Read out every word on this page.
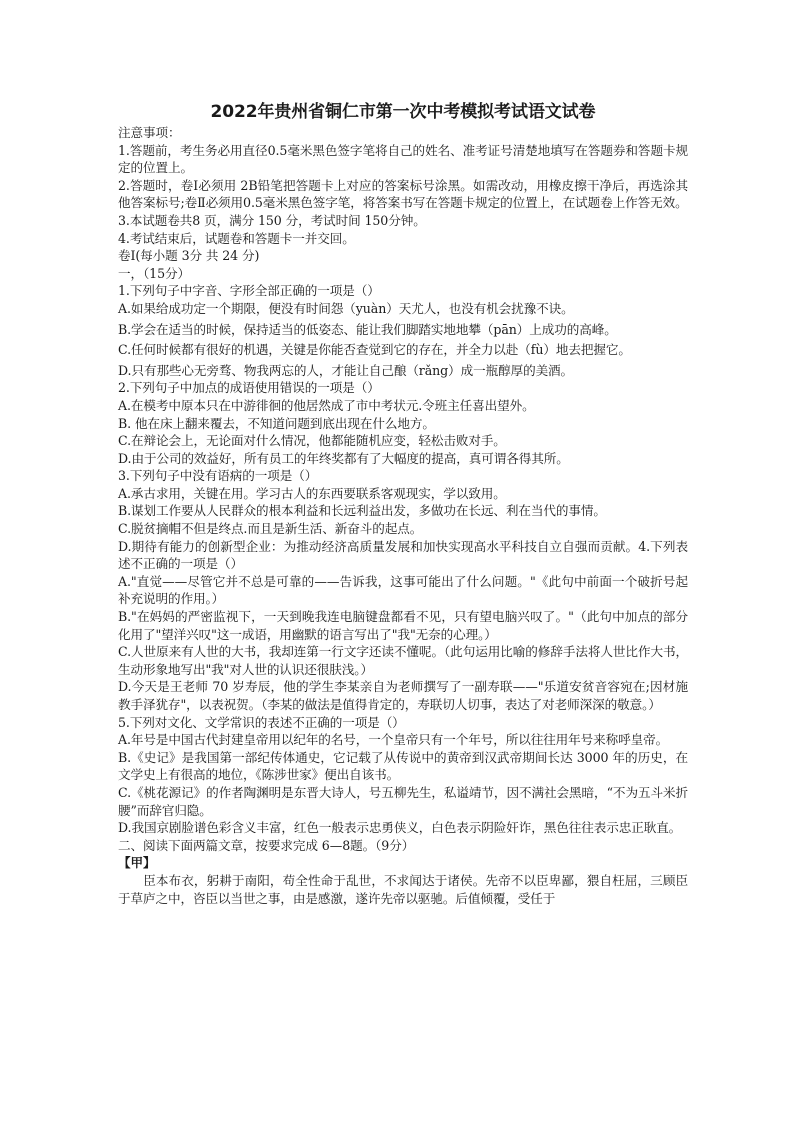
2022年贵州省铜仁市第一次中考模拟考试语文试卷

注意事项：

1.答题前，考生务必用直径0.5毫米黑色签字笔将自己的姓名、准考证号清楚地填写在答题券和答题卡规定的位置上。

2.答题时，卷Ⅰ必须用 2B铅笔把答题卡上对应的答案标号涂黑。如需改动，用橡皮擦干净后，再选涂其他答案标号;卷Ⅱ必须用0.5毫米黑色签字笔，将答案书写在答题卡规定的位置上，在试题卷上作答无效。

3.本试题卷共8 页，满分 150 分，考试时间 150分钟。

4.考试结束后，试题卷和答题卡一并交回。

卷Ⅰ(每小题 3分 共 24 分)

一，（15分）

1.下列句子中字音、字形全部正确的一项是（）

A.如果给成功定一个期限，便没有时间怨（yuàn）天尤人，也没有机会扰豫不诀。

B.学会在适当的时候，保持适当的低姿态、能让我们脚踏实地地攀（pān）上成功的高峰。

C.任何时候都有很好的机遇，关键是你能否查觉到它的存在，并全力以赴（fù）地去把握它。

D.只有那些心无旁骛、物我两忘的人，才能让自己酿（rǎng）成一瓶醇厚的美酒。

2.下列句子中加点的成语使用错误的一项是（）

A.在模考中原本只在中游徘徊的他居然成了市中考状元.令班主任喜出望外。

B. 他在床上翻来覆去，不知道问题到底出现在什么地方。

C.在辩论会上，无论面对什么情况，他都能随机应变，轻松击败对手。

D.由于公司的效益好，所有员工的年终奖都有了大幅度的提高，真可谓各得其所。

3.下列句子中没有语病的一项是（）

A.承古求用，关键在用。学习古人的东西要联系客观现实，学以致用。

B.谋划工作要从人民群众的根本利益和长远利益出发，多做功在长远、利在当代的事情。

C.脱贫摘帽不但是终点.而且是新生活、新奋斗的起点。

D.期待有能力的创新型企业：为推动经济高质量发展和加快实现高水平科技自立自强而贡献。4.下列表述不正确的一项是（）

A."直觉——尽管它并不总是可靠的——告诉我，这事可能出了什么问题。"《此句中前面一个破折号起补充说明的作用。）

B."在妈妈的严密监视下，一天到晚我连电脑键盘都看不见，只有望电脑兴叹了。"（此句中加点的部分化用了"望洋兴叹"这一成语，用幽默的语言写出了"我"无奈的心理。）

C.人世原来有人世的大书，我却连第一行文字还读不懂呢。（此句运用比喻的修辞手法将人世比作大书，生动形象地写出"我"对人世的认识还很肤浅。）

D.今天是王老师 70 岁寿辰，他的学生李某亲自为老师撰写了一副寿联——"乐道安贫音容宛在;因材施教手泽犹存"，以表祝贺。（李某的做法是值得肯定的，寿联切人切事，表达了对老师深深的敬意。）

5.下列对文化、文学常识的表述不正确的一项是（）

A.年号是中国古代封建皇帝用以纪年的名号，一个皇帝只有一个年号，所以往往用年号来称呼皇帝。

B.《史记》是我国第一部纪传体通史，它记载了从传说中的黄帝到汉武帝期间长达 3000 年的历史，在文学史上有很高的地位，《陈涉世家》便出自该书。

C.《桃花源记》的作者陶渊明是东晋大诗人，号五柳先生，私谥靖节，因不满社会黑暗，“不为五斗米折腰”而辞官归隐。

D.我国京剧脸谱色彩含义丰富，红色一般表示忠勇侠义，白色表示阴险奸诈，黑色往往表示忠正耿直。

二、阅读下面两篇文章，按要求完成 6—8题。（9分）

【甲】

臣本布衣，躬耕于南阳，苟全性命于乱世，不求闻达于诸侯。先帝不以臣卑鄙，猥自枉屈，三顾臣于草庐之中，咨臣以当世之事，由是感激，遂许先帝以驱驰。后值倾覆，受任于
